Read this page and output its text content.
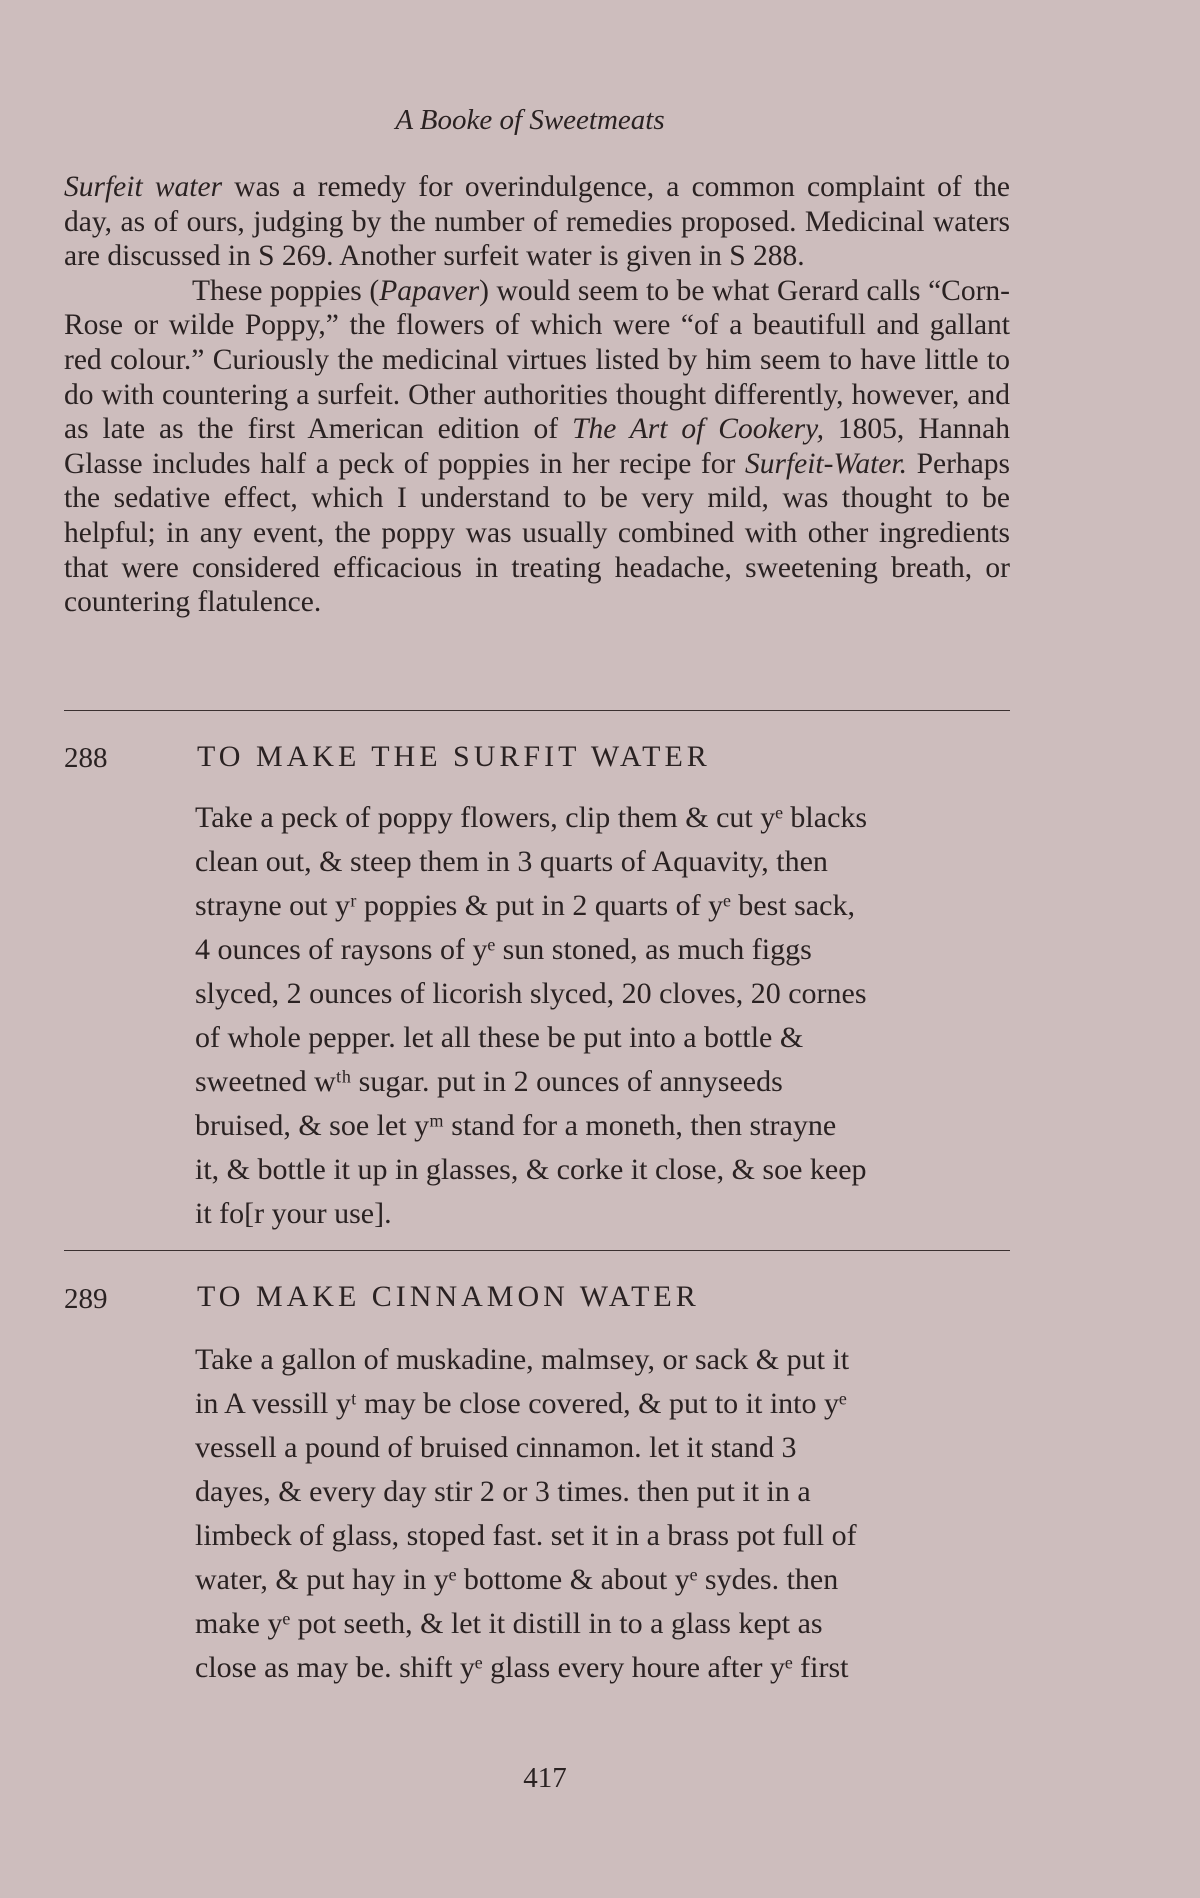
A Booke of Sweetmeats

Surfeit water was a remedy for overindulgence, a common complaint of the day, as of ours, judging by the number of remedies proposed. Medicinal waters are discussed in S 269. Another surfeit water is given in S 288.

These poppies (Papaver) would seem to be what Gerard calls “Corn-Rose or wilde Poppy,” the flowers of which were “of a beautifull and gallant red colour.” Curiously the medicinal virtues listed by him seem to have little to do with countering a surfeit. Other authorities thought differently, however, and as late as the first American edition of The Art of Cookery, 1805, Hannah Glasse includes half a peck of poppies in her recipe for Surfeit-Water. Perhaps the sedative effect, which I understand to be very mild, was thought to be helpful; in any event, the poppy was usually combined with other ingredients that were considered efficacious in treating headache, sweetening breath, or countering flatulence.

288	TO MAKE THE SURFIT WATER

Take a peck of poppy flowers, clip them & cut yᵉ blacks

clean out, & steep them in 3 quarts of Aquavity, then

strayne out yʳ poppies & put in 2 quarts of yᵉ best sack,

4 ounces of raysons of yᵉ sun stoned, as much figgs

slyced, 2 ounces of licorish slyced, 20 cloves, 20 cornes

of whole pepper. let all these be put into a bottle &

sweetned wᵗʰ sugar. put in 2 ounces of annyseeds

bruised, & soe let yᵐ stand for a moneth, then strayne

it, & bottle it up in glasses, & corke it close, & soe keep

it fo[r your use].

289	TO MAKE CINNAMON WATER

Take a gallon of muskadine, malmsey, or sack & put it

in A vessill yᵗ may be close covered, & put to it into yᵉ

vessell a pound of bruised cinnamon. let it stand 3

dayes, & every day stir 2 or 3 times. then put it in a

limbeck of glass, stoped fast. set it in a brass pot full of

water, & put hay in yᵉ bottome & about yᵉ sydes. then

make yᵉ pot seeth, & let it distill in to a glass kept as

close as may be. shift yᵉ glass every houre after yᵉ first

417
